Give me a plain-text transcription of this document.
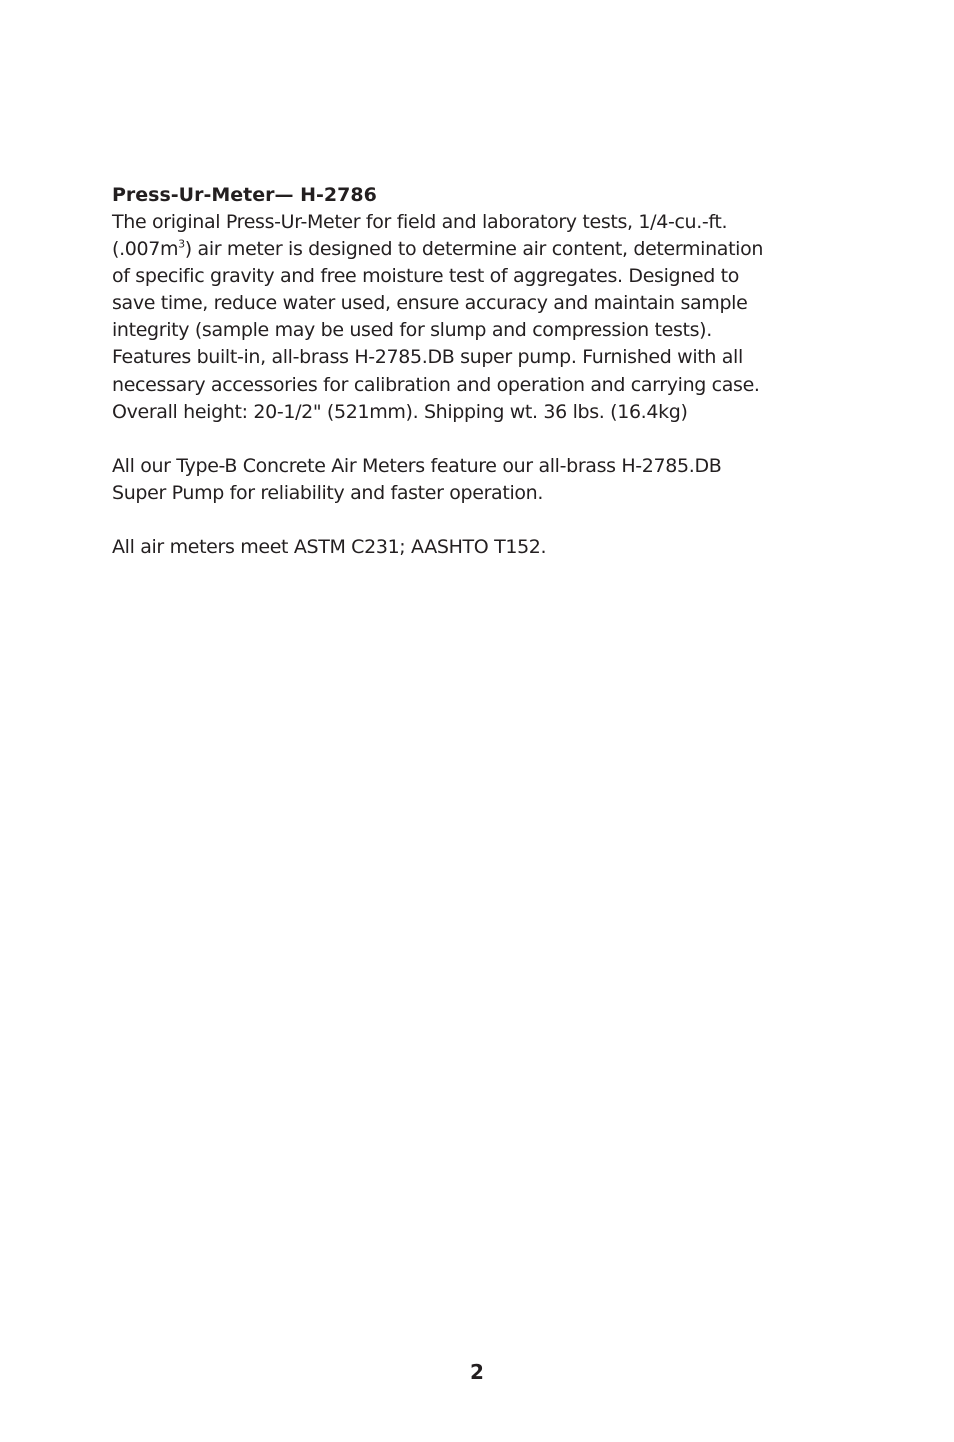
Press-Ur-Meter— H-2786

The original Press-Ur-Meter for field and laboratory tests, 1/4-cu.-ft.
$(.007m^3)$ air meter is designed to determine air content, determination
of specific gravity and free moisture test of aggregates. Designed to
save time, reduce water used, ensure accuracy and maintain sample
integrity (sample may be used for slump and compression tests).
Features built-in, all-brass H-2785.DB super pump. Furnished with all
necessary accessories for calibration and operation and carrying case.
Overall height: 20-1/2" (521mm). Shipping wt. 36 lbs. (16.4kg)

All our Type-B Concrete Air Meters feature our all-brass H-2785.DB
Super Pump for reliability and faster operation.

All air meters meet ASTM C231; AASHTO T152.

2
